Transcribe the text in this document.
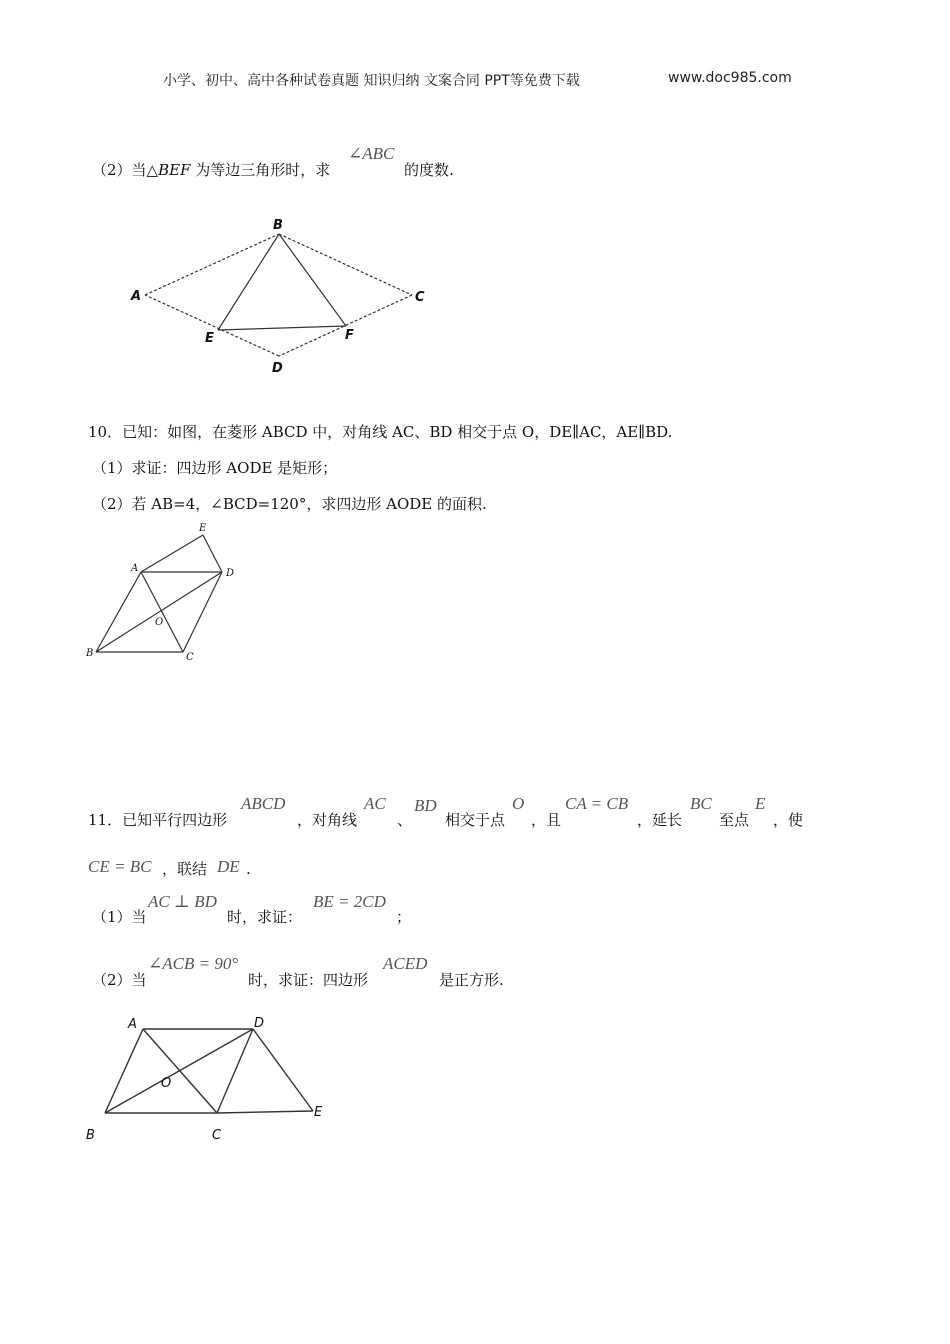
小学、初中、高中各种试卷真题 知识归纳 文案合同 PPT等免费下载	www.doc985.com
（2）当△BEF 为等边三角形时，求
∠ABC
的度数.
B
A	C
D
E	F
10．已知：如图，在菱形 ABCD 中，对角线 AC、BD 相交于点 O，DE∥AC，AE∥BD.
（1）求证：四边形 AODE 是矩形；
（2）若 AB=4，∠BCD=120°，求四边形 AODE 的面积.
E
A	D
O
B	C
11．已知平行四边形
ABCD
，对角线
AC
、
BD
相交于点
O
，且
CA = CB
，延长
BC
至点
E
，使
CE = BC ，联结 DE .
（1）当
AC ⊥ BD
时，求证：
BE = 2CD
；
（2）当
∠ACB = 90°
时，求证：四边形
ACED
是正方形.
A	D
O
E
B	C
